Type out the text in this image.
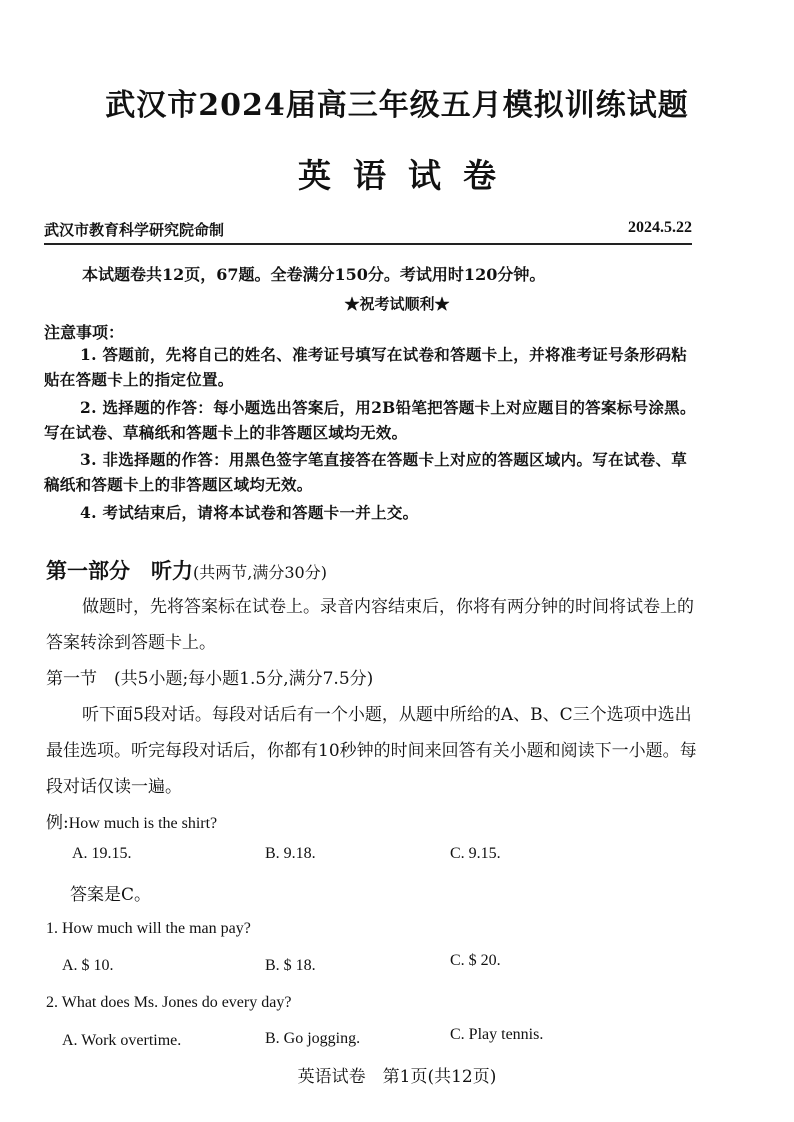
武汉市2024届高三年级五月模拟训练试题
英语试卷
武汉市教育科学研究院命制	2024.5.22
本试题卷共12页，67题。全卷满分150分。考试用时120分钟。
★祝考试顺利★
注意事项：
1. 答题前，先将自己的姓名、准考证号填写在试卷和答题卡上，并将准考证号条形码粘贴在答题卡上的指定位置。
2. 选择题的作答：每小题选出答案后，用2B铅笔把答题卡上对应题目的答案标号涂黑。写在试卷、草稿纸和答题卡上的非答题区域均无效。
3. 非选择题的作答：用黑色签字笔直接答在答题卡上对应的答题区域内。写在试卷、草稿纸和答题卡上的非答题区域均无效。
4. 考试结束后，请将本试卷和答题卡一并上交。
第一部分　听力(共两节,满分30分)
做题时，先将答案标在试卷上。录音内容结束后，你将有两分钟的时间将试卷上的答案转涂到答题卡上。
第一节　(共5小题;每小题1.5分,满分7.5分)
听下面5段对话。每段对话后有一个小题，从题中所给的A、B、C三个选项中选出最佳选项。听完每段对话后，你都有10秒钟的时间来回答有关小题和阅读下一小题。每段对话仅读一遍。
例:How much is the shirt?
A. 19.15.	B. 9.18.	C. 9.15.
答案是C。
1. How much will the man pay?
A. $ 10.	B. $ 18.	C. $ 20.
2. What does Ms. Jones do every day?
A. Work overtime.	B. Go jogging.	C. Play tennis.
英语试卷　第1页(共12页)
